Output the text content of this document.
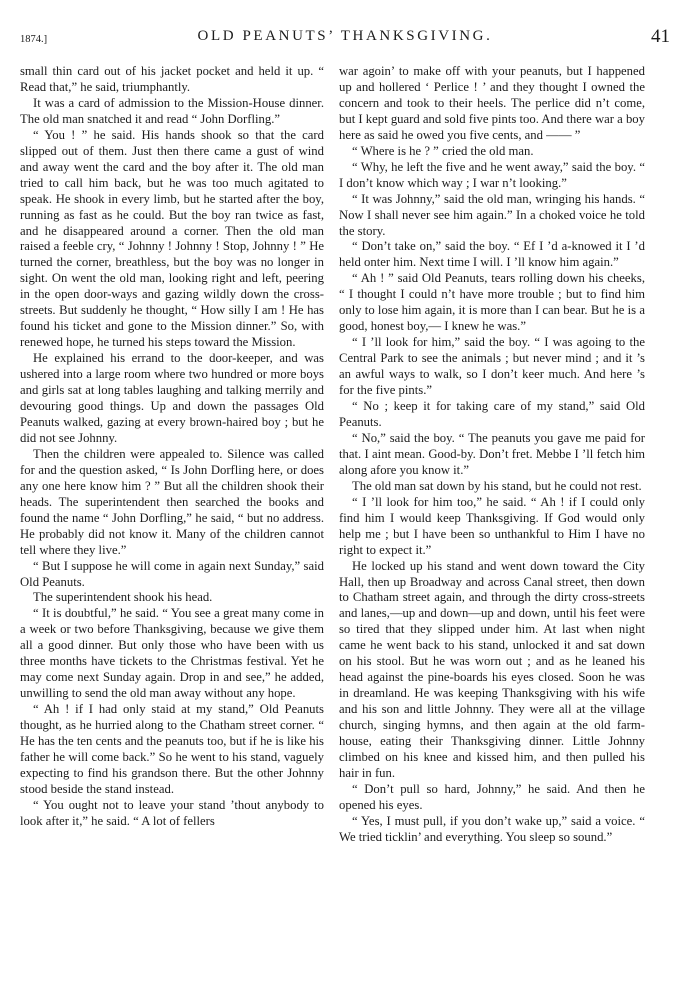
1874.]	OLD PEANUTS’ THANKSGIVING.	41

small thin card out of his jacket pocket and held it up. “ Read that,” he said, triumphantly.

It was a card of admission to the Mission-House dinner. The old man snatched it and read “ John Dorfling.”

“ You ! ” he said. His hands shook so that the card slipped out of them. Just then there came a gust of wind and away went the card and the boy after it. The old man tried to call him back, but he was too much agitated to speak. He shook in every limb, but he started after the boy, running as fast as he could. But the boy ran twice as fast, and he disappeared around a corner. Then the old man raised a feeble cry, “ Johnny ! Johnny ! Stop, Johnny ! ” He turned the corner, breathless, but the boy was no longer in sight. On went the old man, looking right and left, peering in the open door-ways and gazing wildly down the cross-streets. But suddenly he thought, “ How silly I am ! He has found his ticket and gone to the Mission dinner.” So, with renewed hope, he turned his steps toward the Mission.

He explained his errand to the door-keeper, and was ushered into a large room where two hundred or more boys and girls sat at long tables laughing and talking merrily and devouring good things. Up and down the passages Old Peanuts walked, gazing at every brown-haired boy ; but he did not see Johnny.

Then the children were appealed to. Silence was called for and the question asked, “ Is John Dorfling here, or does any one here know him ? ” But all the children shook their heads. The superintendent then searched the books and found the name “ John Dorfling,” he said, “ but no address. He probably did not know it. Many of the children cannot tell where they live.”

“ But I suppose he will come in again next Sunday,” said Old Peanuts.

The superintendent shook his head.

“ It is doubtful,” he said. “ You see a great many come in a week or two before Thanksgiving, because we give them all a good dinner. But only those who have been with us three months have tickets to the Christmas festival. Yet he may come next Sunday again. Drop in and see,” he added, unwilling to send the old man away without any hope.

“ Ah ! if I had only staid at my stand,” Old Peanuts thought, as he hurried along to the Chatham street corner. “ He has the ten cents and the peanuts too, but if he is like his father he will come back.” So he went to his stand, vaguely expecting to find his grandson there. But the other Johnny stood beside the stand instead.

“ You ought not to leave your stand ’thout anybody to look after it,” he said. “ A lot of fellers

war agoin’ to make off with your peanuts, but I happened up and hollered ‘ Perlice ! ’ and they thought I owned the concern and took to their heels. The perlice did n’t come, but I kept guard and sold five pints too. And there war a boy here as said he owed you five cents, and —— ”

“ Where is he ? ” cried the old man.

“ Why, he left the five and he went away,” said the boy. “ I don’t know which way ; I war n’t looking.”

“ It was Johnny,” said the old man, wringing his hands. “ Now I shall never see him again.” In a choked voice he told the story.

“ Don’t take on,” said the boy. “ Ef I ’d a-knowed it I ’d held onter him. Next time I will. I ’ll know him again.”

“ Ah ! ” said Old Peanuts, tears rolling down his cheeks, “ I thought I could n’t have more trouble ; but to find him only to lose him again, it is more than I can bear. But he is a good, honest boy,— I knew he was.”

“ I ’ll look for him,” said the boy. “ I was agoing to the Central Park to see the animals ; but never mind ; and it ’s an awful ways to walk, so I don’t keer much. And here ’s for the five pints.”

“ No ; keep it for taking care of my stand,” said Old Peanuts.

“ No,” said the boy. “ The peanuts you gave me paid for that. I aint mean. Good-by. Don’t fret. Mebbe I ’ll fetch him along afore you know it.”

The old man sat down by his stand, but he could not rest.

“ I ’ll look for him too,” he said. “ Ah ! if I could only find him I would keep Thanksgiving. If God would only help me ; but I have been so unthankful to Him I have no right to expect it.”

He locked up his stand and went down toward the City Hall, then up Broadway and across Canal street, then down to Chatham street again, and through the dirty cross-streets and lanes,—up and down—up and down, until his feet were so tired that they slipped under him. At last when night came he went back to his stand, unlocked it and sat down on his stool. But he was worn out ; and as he leaned his head against the pine-boards his eyes closed. Soon he was in dreamland. He was keeping Thanksgiving with his wife and his son and little Johnny. They were all at the village church, singing hymns, and then again at the old farm-house, eating their Thanksgiving dinner. Little Johnny climbed on his knee and kissed him, and then pulled his hair in fun.

“ Don’t pull so hard, Johnny,” he said. And then he opened his eyes.

“ Yes, I must pull, if you don’t wake up,” said a voice. “ We tried ticklin’ and everything. You sleep so sound.”
